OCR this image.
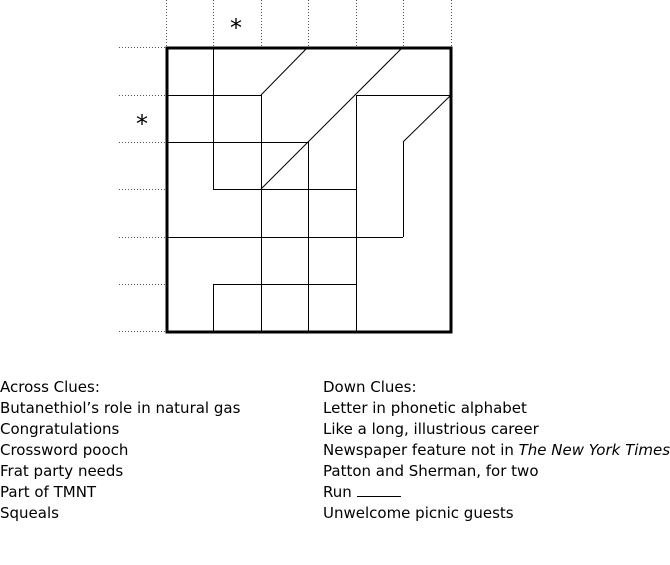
*
*
Across Clues:
Butanethiol’s role in natural gas
Congratulations
Crossword pooch
Frat party needs
Part of TMNT
Squeals
Down Clues:
Letter in phonetic alphabet
Like a long, illustrious career
Newspaper feature not in The New York Times
Patton and Sherman, for two
Run
Unwelcome picnic guests
